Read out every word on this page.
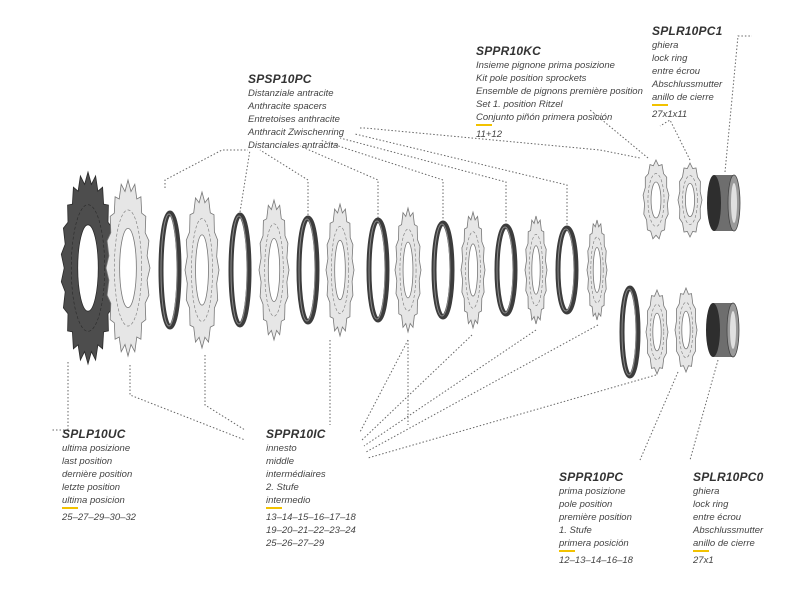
SPLP10UC
ultima posizione
last position
dernière position
letzte position
ultima posicion
25–27–29–30–32
SPSP10PC
Distanziale antracite
Anthracite spacers
Entretoises anthracite
Anthracit Zwischenring
Distanciales antracita
SPPR10KC
Insieme pignone prima posizione
Kit pole position sprockets
Ensemble de pignons première position
Set 1. position Ritzel
Conjunto piñón primera posición
11+12
SPLR10PC1
ghiera
lock ring
entre écrou
Abschlussmutter
anillo de cierre
27x1x11
SPPR10IC
innesto
middle
intermédiaires
2. Stufe
intermedio
13–14–15–16–17–18
19–20–21–22–23–24
25–26–27–29
SPPR10PC
prima posizione
pole position
première position
1. Stufe
primera posición
12–13–14–16–18
SPLR10PC0
ghiera
lock ring
entre écrou
Abschlussmutter
anillo de cierre
27x1
